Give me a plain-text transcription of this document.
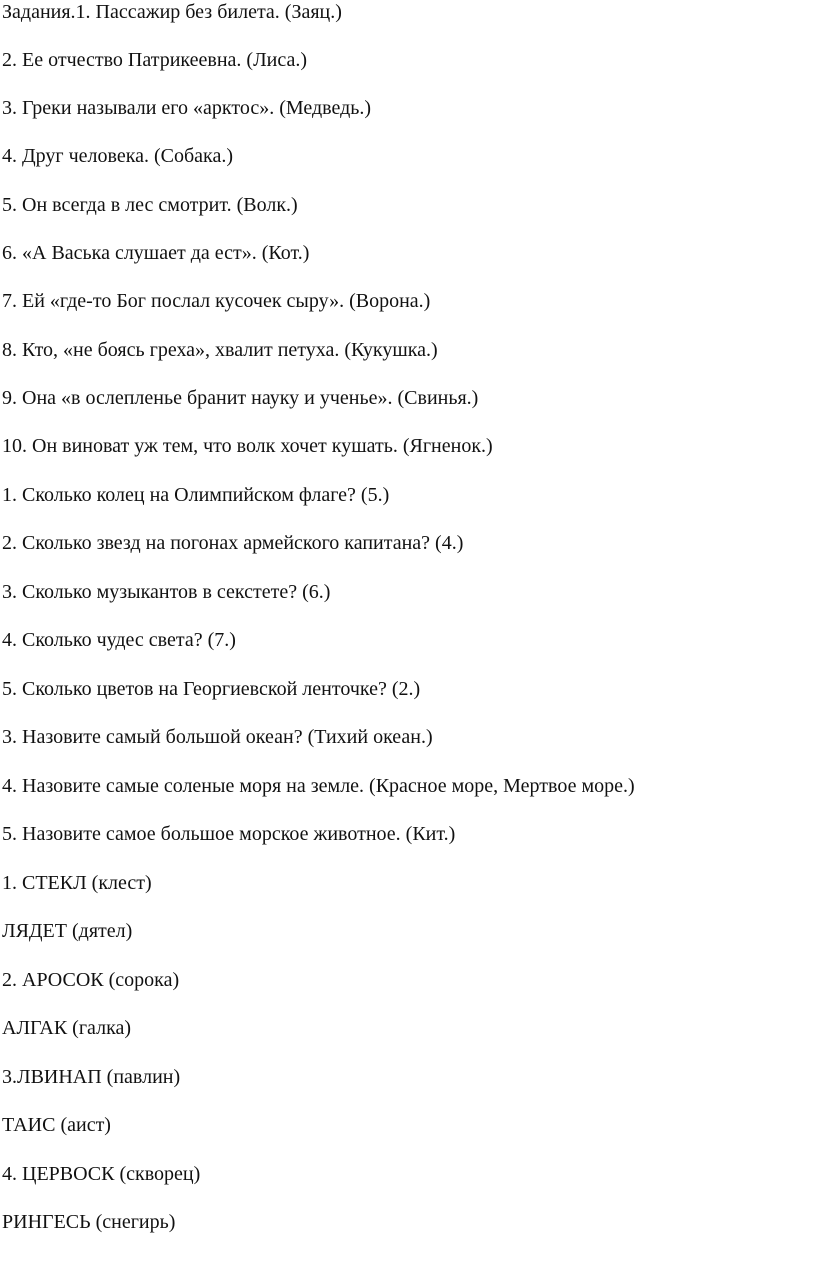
Задания.1. Пассажир без билета. (Заяц.)
2. Ее отчество Патрикеевна. (Лиса.)
3. Греки называли его «арктос». (Медведь.)
4. Друг человека. (Собака.)
5. Он всегда в лес смотрит. (Волк.)
6. «А Васька слушает да ест». (Кот.)
7. Ей «где-то Бог послал кусочек сыру». (Ворона.)
8. Кто, «не боясь греха», хвалит петуха. (Кукушка.)
9. Она «в ослепленье бранит науку и ученье». (Свинья.)
10. Он виноват уж тем, что волк хочет кушать. (Ягненок.)
1. Сколько колец на Олимпийском флаге? (5.)
2. Сколько звезд на погонах армейского капитана? (4.)
3. Сколько музыкантов в секстете? (6.)
4. Сколько чудес света? (7.)
5. Сколько цветов на Георгиевской ленточке? (2.)
3. Назовите самый большой океан? (Тихий океан.)
4. Назовите самые соленые моря на земле. (Красное море, Мертвое море.)
5. Назовите самое большое морское животное. (Кит.)
1. СТЕКЛ (клест)
ЛЯДЕТ (дятел)
2. АРОСОК (сорока)
АЛГАК (галка)
3.ЛВИНАП (павлин)
ТАИС (аист)
4. ЦЕРВОСК (скворец)
РИНГЕСЬ (снегирь)
